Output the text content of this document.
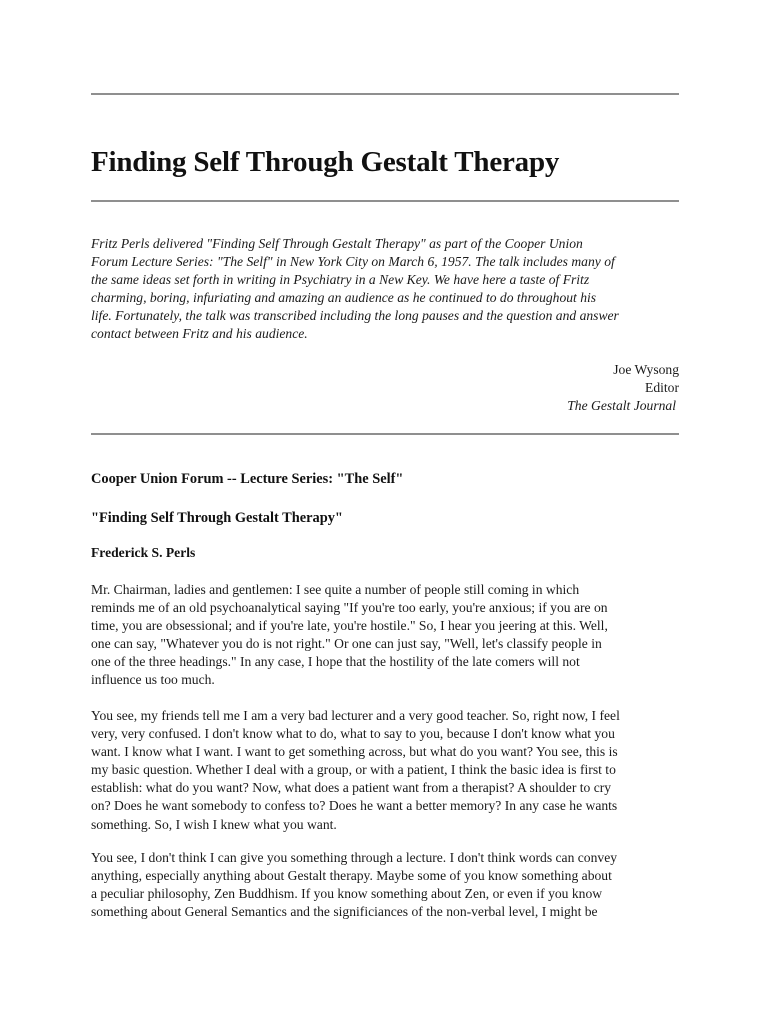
Finding Self Through Gestalt Therapy
Fritz Perls delivered "Finding Self Through Gestalt Therapy" as part of the Cooper Union
Forum Lecture Series: "The Self" in New York City on March 6, 1957. The talk includes many of
the same ideas set forth in writing in Psychiatry in a New Key. We have here a taste of Fritz
charming, boring, infuriating and amazing an audience as he continued to do throughout his
life. Fortunately, the talk was transcribed including the long pauses and the question and answer
contact between Fritz and his audience.
Joe Wysong
Editor
The Gestalt Journal
Cooper Union Forum -- Lecture Series: "The Self"
"Finding Self Through Gestalt Therapy"
Frederick S. Perls
Mr. Chairman, ladies and gentlemen: I see quite a number of people still coming in which
reminds me of an old psychoanalytical saying "If you're too early, you're anxious; if you are on
time, you are obsessional; and if you're late, you're hostile." So, I hear you jeering at this. Well,
one can say, "Whatever you do is not right." Or one can just say, "Well, let's classify people in
one of the three headings." In any case, I hope that the hostility of the late comers will not
influence us too much.
You see, my friends tell me I am a very bad lecturer and a very good teacher. So, right now, I feel
very, very confused. I don't know what to do, what to say to you, because I don't know what you
want. I know what I want. I want to get something across, but what do you want? You see, this is
my basic question. Whether I deal with a group, or with a patient, I think the basic idea is first to
establish: what do you want? Now, what does a patient want from a therapist? A shoulder to cry
on? Does he want somebody to confess to? Does he want a better memory? In any case he wants
something. So, I wish I knew what you want.
You see, I don't think I can give you something through a lecture. I don't think words can convey
anything, especially anything about Gestalt therapy. Maybe some of you know something about
a peculiar philosophy, Zen Buddhism. If you know something about Zen, or even if you know
something about General Semantics and the significiances of the non-verbal level, I might be
